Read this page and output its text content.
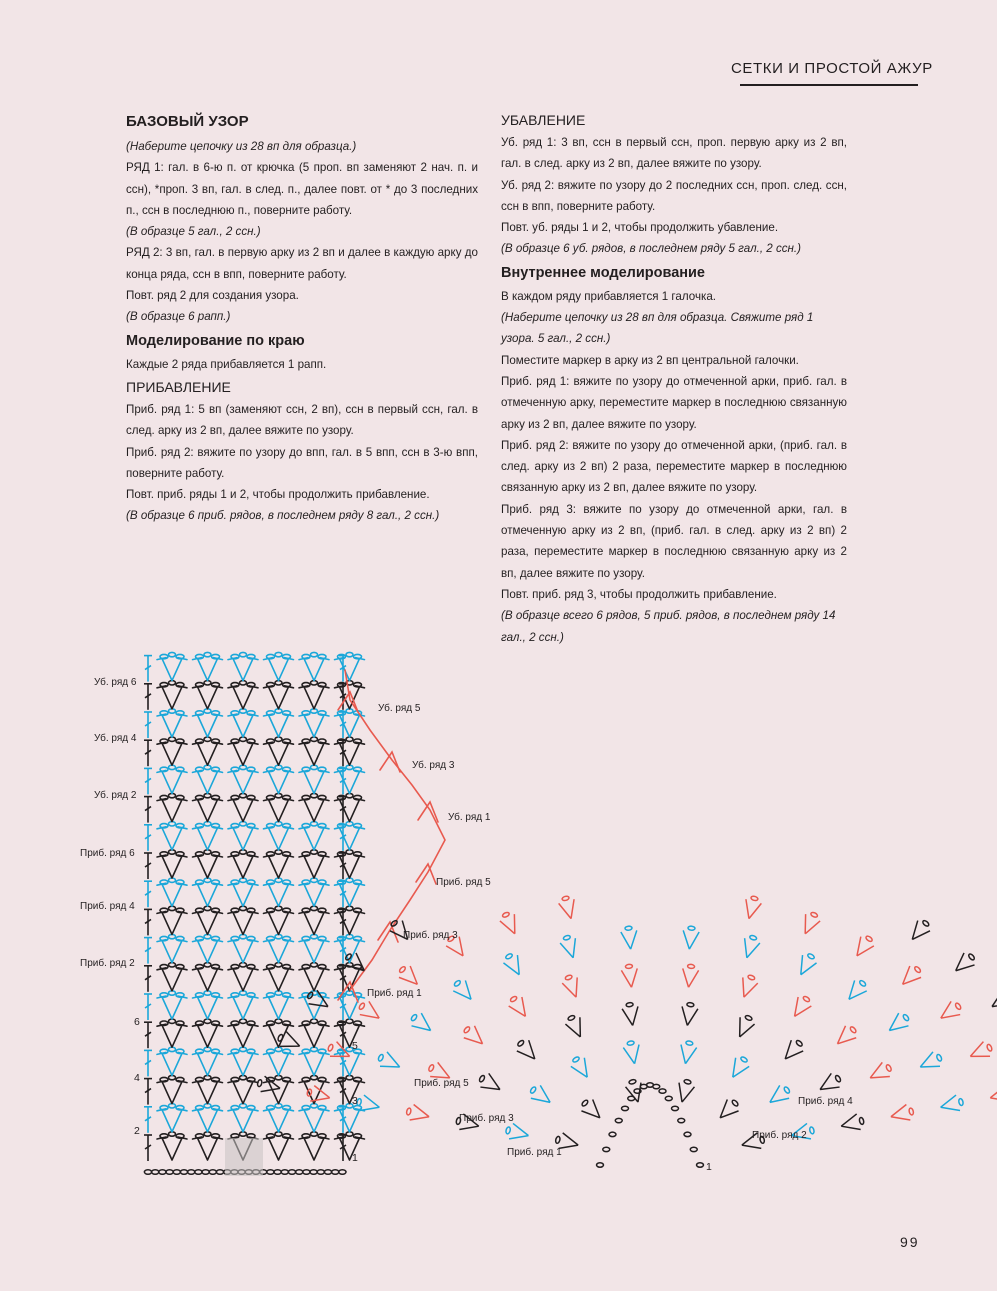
СЕТКИ И ПРОСТОЙ АЖУР

БАЗОВЫЙ УЗОР

(Наберите цепочку из 28 вп для образца.)

РЯД 1: гал. в 6-ю п. от крючка (5 проп. вп заменяют 2 нач. п. и ссн), *проп. 3 вп, гал. в след. п., далее повт. от * до 3 последних п., ссн в последнюю п., поверните работу.

(В образце 5 гал., 2 ссн.)

РЯД 2: 3 вп, гал. в первую арку из 2 вп и далее в каждую арку до конца ряда, ссн в впп, поверните работу.

Повт. ряд 2 для создания узора.

(В образце 6 рапп.)

Моделирование по краю

Каждые 2 ряда прибавляется 1 рапп.

ПРИБАВЛЕНИЕ

Приб. ряд 1: 5 вп (заменяют ссн, 2 вп), ссн в первый ссн, гал. в след. арку из 2 вп, далее вяжите по узору.

Приб. ряд 2: вяжите по узору до впп, гал. в 5 впп, ссн в 3-ю впп, поверните работу.

Повт. приб. ряды 1 и 2, чтобы продолжить прибавление.

(В образце 6 приб. рядов, в последнем ряду 8 гал., 2 ссн.)

УБАВЛЕНИЕ

Уб. ряд 1: 3 вп, ссн в первый ссн, проп. первую арку из 2 вп, гал. в след. арку из 2 вп, далее вяжите по узору.

Уб. ряд 2: вяжите по узору до 2 последних ссн, проп. след. ссн, ссн в впп, поверните работу.

Повт. уб. ряды 1 и 2, чтобы продолжить убавление.

(В образце 6 уб. рядов, в последнем ряду 5 гал., 2 ссн.)

Внутреннее моделирование

В каждом ряду прибавляется 1 галочка.

(Наберите цепочку из 28 вп для образца. Свяжите ряд 1 узора. 5 гал., 2 ссн.)

Поместите маркер в арку из 2 вп центральной галочки.

Приб. ряд 1: вяжите по узору до отмеченной арки, приб. гал. в отмеченную арку, переместите маркер в последнюю связанную арку из 2 вп, далее вяжите по узору.

Приб. ряд 2: вяжите по узору до отмеченной арки, (приб. гал. в след. арку из 2 вп) 2 раза, переместите маркер в последнюю связанную арку из 2 вп, далее вяжите по узору.

Приб. ряд 3: вяжите по узору до отмеченной арки, гал. в отмеченную арку из 2 вп, (приб. гал. в след. арку из 2 вп) 2 раза, переместите маркер в последнюю связанную арку из 2 вп, далее вяжите по узору.

Повт. приб. ряд 3, чтобы продолжить прибавление.

(В образце всего 6 рядов, 5 приб. рядов, в последнем ряду 14 гал., 2 ссн.)

Уб. ряд 6
Уб. ряд 4
Уб. ряд 2
Приб. ряд 6
Приб. ряд 4
Приб. ряд 2
6
4
2
Уб. ряд 5
Уб. ряд 3
Уб. ряд 1
Приб. ряд 5
Приб. ряд 3
Приб. ряд 1
5
3
1
Приб. ряд 5
Приб. ряд 3
Приб. ряд 1
Приб. ряд 4
Приб. ряд 2
1
99
